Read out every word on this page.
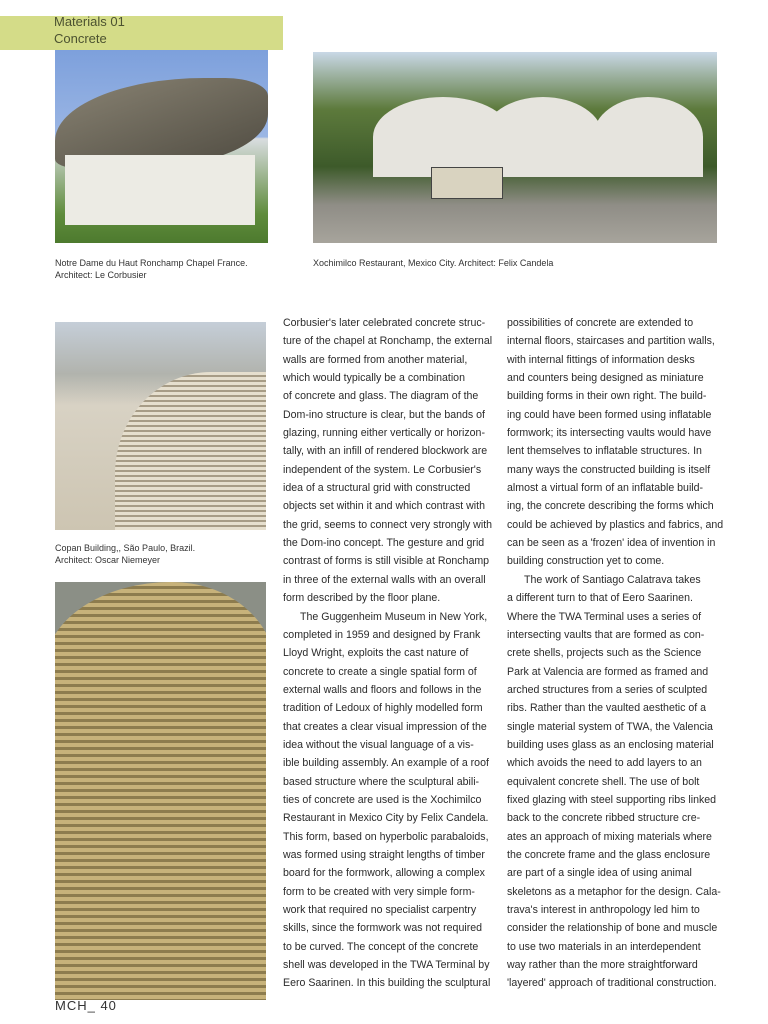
Materials 01
Concrete
Notre Dame du Haut Ronchamp Chapel France.
Architect: Le Corbusier
Xochimilco Restaurant, Mexico City. Architect: Felix Candela
Copan Building,, São Paulo, Brazil.
Architect: Oscar Niemeyer
Corbusier's later celebrated concrete struc-
ture of the chapel at Ronchamp, the external
walls are formed from another material,
which would typically be a combination
of concrete and glass. The diagram of the
Dom-ino structure is clear, but the bands of
glazing, running either vertically or horizon-
tally, with an infill of rendered blockwork are
independent of the system. Le Corbusier's
idea of a structural grid with constructed
objects set within it and which contrast with
the grid, seems to connect very strongly with
the Dom-ino concept. The gesture and grid
contrast of forms is still visible at Ronchamp
in three of the external walls with an overall
form described by the floor plane.
The Guggenheim Museum in New York,
completed in 1959 and designed by Frank
Lloyd Wright, exploits the cast nature of
concrete to create a single spatial form of
external walls and floors and follows in the
tradition of Ledoux of highly modelled form
that creates a clear visual impression of the
idea without the visual language of a vis-
ible building assembly. An example of a roof
based structure where the sculptural abili-
ties of concrete are used is the Xochimilco
Restaurant in Mexico City by Felix Candela.
This form, based on hyperbolic parabaloids,
was formed using straight lengths of timber
board for the formwork, allowing a complex
form to be created with very simple form-
work that required no specialist carpentry
skills, since the formwork was not required
to be curved. The concept of the concrete
shell was developed in the TWA Terminal by
Eero Saarinen. In this building the sculptural
possibilities of concrete are extended to
internal floors, staircases and partition walls,
with internal fittings of information desks
and counters being designed as miniature
building forms in their own right. The build-
ing could have been formed using inflatable
formwork; its intersecting vaults would have
lent themselves to inflatable structures. In
many ways the constructed building is itself
almost a virtual form of an inflatable build-
ing, the concrete describing the forms which
could be achieved by plastics and fabrics, and
can be seen as a 'frozen' idea of invention in
building construction yet to come.
The work of Santiago Calatrava takes
a different turn to that of Eero Saarinen.
Where the TWA Terminal uses a series of
intersecting vaults that are formed as con-
crete shells, projects such as the Science
Park at Valencia are formed as framed and
arched structures from a series of sculpted
ribs. Rather than the vaulted aesthetic of a
single material system of TWA, the Valencia
building uses glass as an enclosing material
which avoids the need to add layers to an
equivalent concrete shell. The use of bolt
fixed glazing with steel supporting ribs linked
back to the concrete ribbed structure cre-
ates an approach of mixing materials where
the concrete frame and the glass enclosure
are part of a single idea of using animal
skeletons as a metaphor for the design. Cala-
trava's interest in anthropology led him to
consider the relationship of bone and muscle
to use two materials in an interdependent
way rather than the more straightforward
'layered' approach of traditional construction.
MCH_ 40
